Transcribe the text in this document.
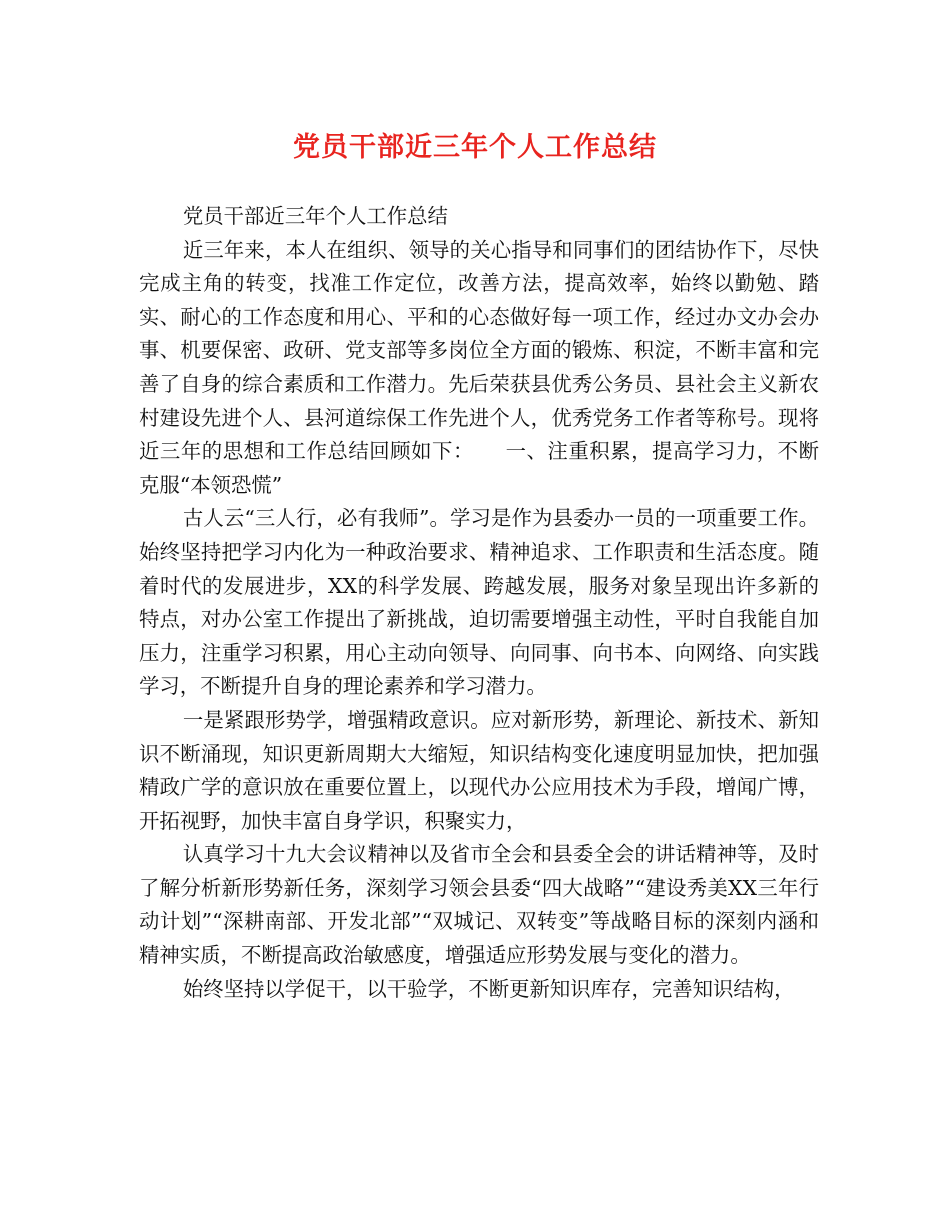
党员干部近三年个人工作总结

党员干部近三年个人工作总结

近三年来，本人在组织、领导的关心指导和同事们的团结协作下，尽快完成主角的转变，找准工作定位，改善方法，提高效率，始终以勤勉、踏实、耐心的工作态度和用心、平和的心态做好每一项工作，经过办文办会办事、机要保密、政研、党支部等多岗位全方面的锻炼、积淀，不断丰富和完善了自身的综合素质和工作潜力。先后荣获县优秀公务员、县社会主义新农村建设先进个人、县河道综保工作先进个人，优秀党务工作者等称号。现将近三年的思想和工作总结回顾如下：　　一、注重积累，提高学习力，不断克服“本领恐慌”

古人云“三人行，必有我师”。学习是作为县委办一员的一项重要工作。始终坚持把学习内化为一种政治要求、精神追求、工作职责和生活态度。随着时代的发展进步，XX的科学发展、跨越发展，服务对象呈现出许多新的特点，对办公室工作提出了新挑战，迫切需要增强主动性，平时自我能自加压力，注重学习积累，用心主动向领导、向同事、向书本、向网络、向实践学习，不断提升自身的理论素养和学习潜力。

一是紧跟形势学，增强精政意识。应对新形势，新理论、新技术、新知识不断涌现，知识更新周期大大缩短，知识结构变化速度明显加快，把加强精政广学的意识放在重要位置上，以现代办公应用技术为手段，增闻广博，开拓视野，加快丰富自身学识，积聚实力，

认真学习十九大会议精神以及省市全会和县委全会的讲话精神等，及时了解分析新形势新任务，深刻学习领会县委“四大战略”“建设秀美XX三年行动计划”“深耕南部、开发北部”“双城记、双转变”等战略目标的深刻内涵和精神实质，不断提高政治敏感度，增强适应形势发展与变化的潜力。

始终坚持以学促干，以干验学，不断更新知识库存，完善知识结构，
